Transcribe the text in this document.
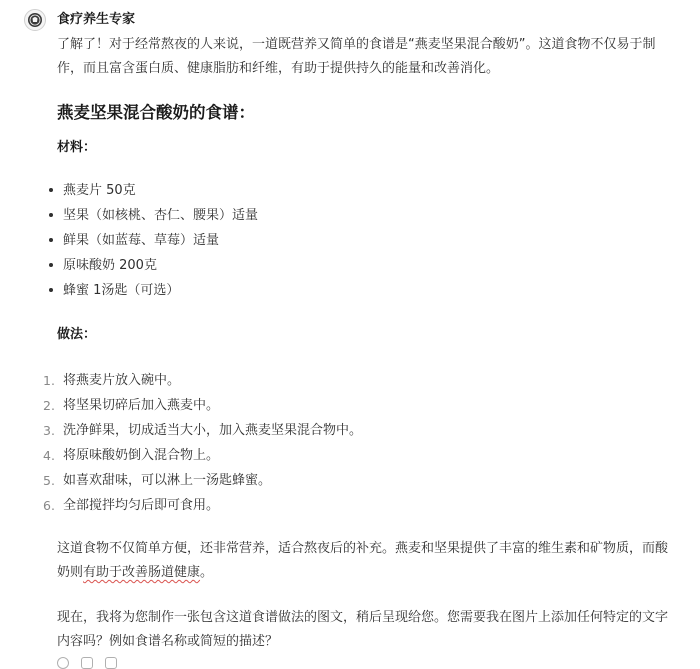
食疗养生专家

了解了！对于经常熬夜的人来说，一道既营养又简单的食谱是“燕麦坚果混合酸奶”。这道食物不仅易于制作，而且富含蛋白质、健康脂肪和纤维，有助于提供持久的能量和改善消化。

燕麦坚果混合酸奶的食谱：
材料：
燕麦片 50克
坚果（如核桃、杏仁、腰果）适量
鲜果（如蓝莓、草莓）适量
原味酸奶 200克
蜂蜜 1汤匙（可选）
做法：
1. 将燕麦片放入碗中。
2. 将坚果切碎后加入燕麦中。
3. 洗净鲜果，切成适当大小，加入燕麦坚果混合物中。
4. 将原味酸奶倒入混合物上。
5. 如喜欢甜味，可以淋上一汤匙蜂蜜。
6. 全部搅拌均匀后即可食用。

这道食物不仅简单方便，还非常营养，适合熬夜后的补充。燕麦和坚果提供了丰富的维生素和矿物质，而酸奶则有助于改善肠道健康。

现在，我将为您制作一张包含这道食谱做法的图文，稍后呈现给您。您需要我在图片上添加任何特定的文字内容吗？例如食谱名称或简短的描述？
